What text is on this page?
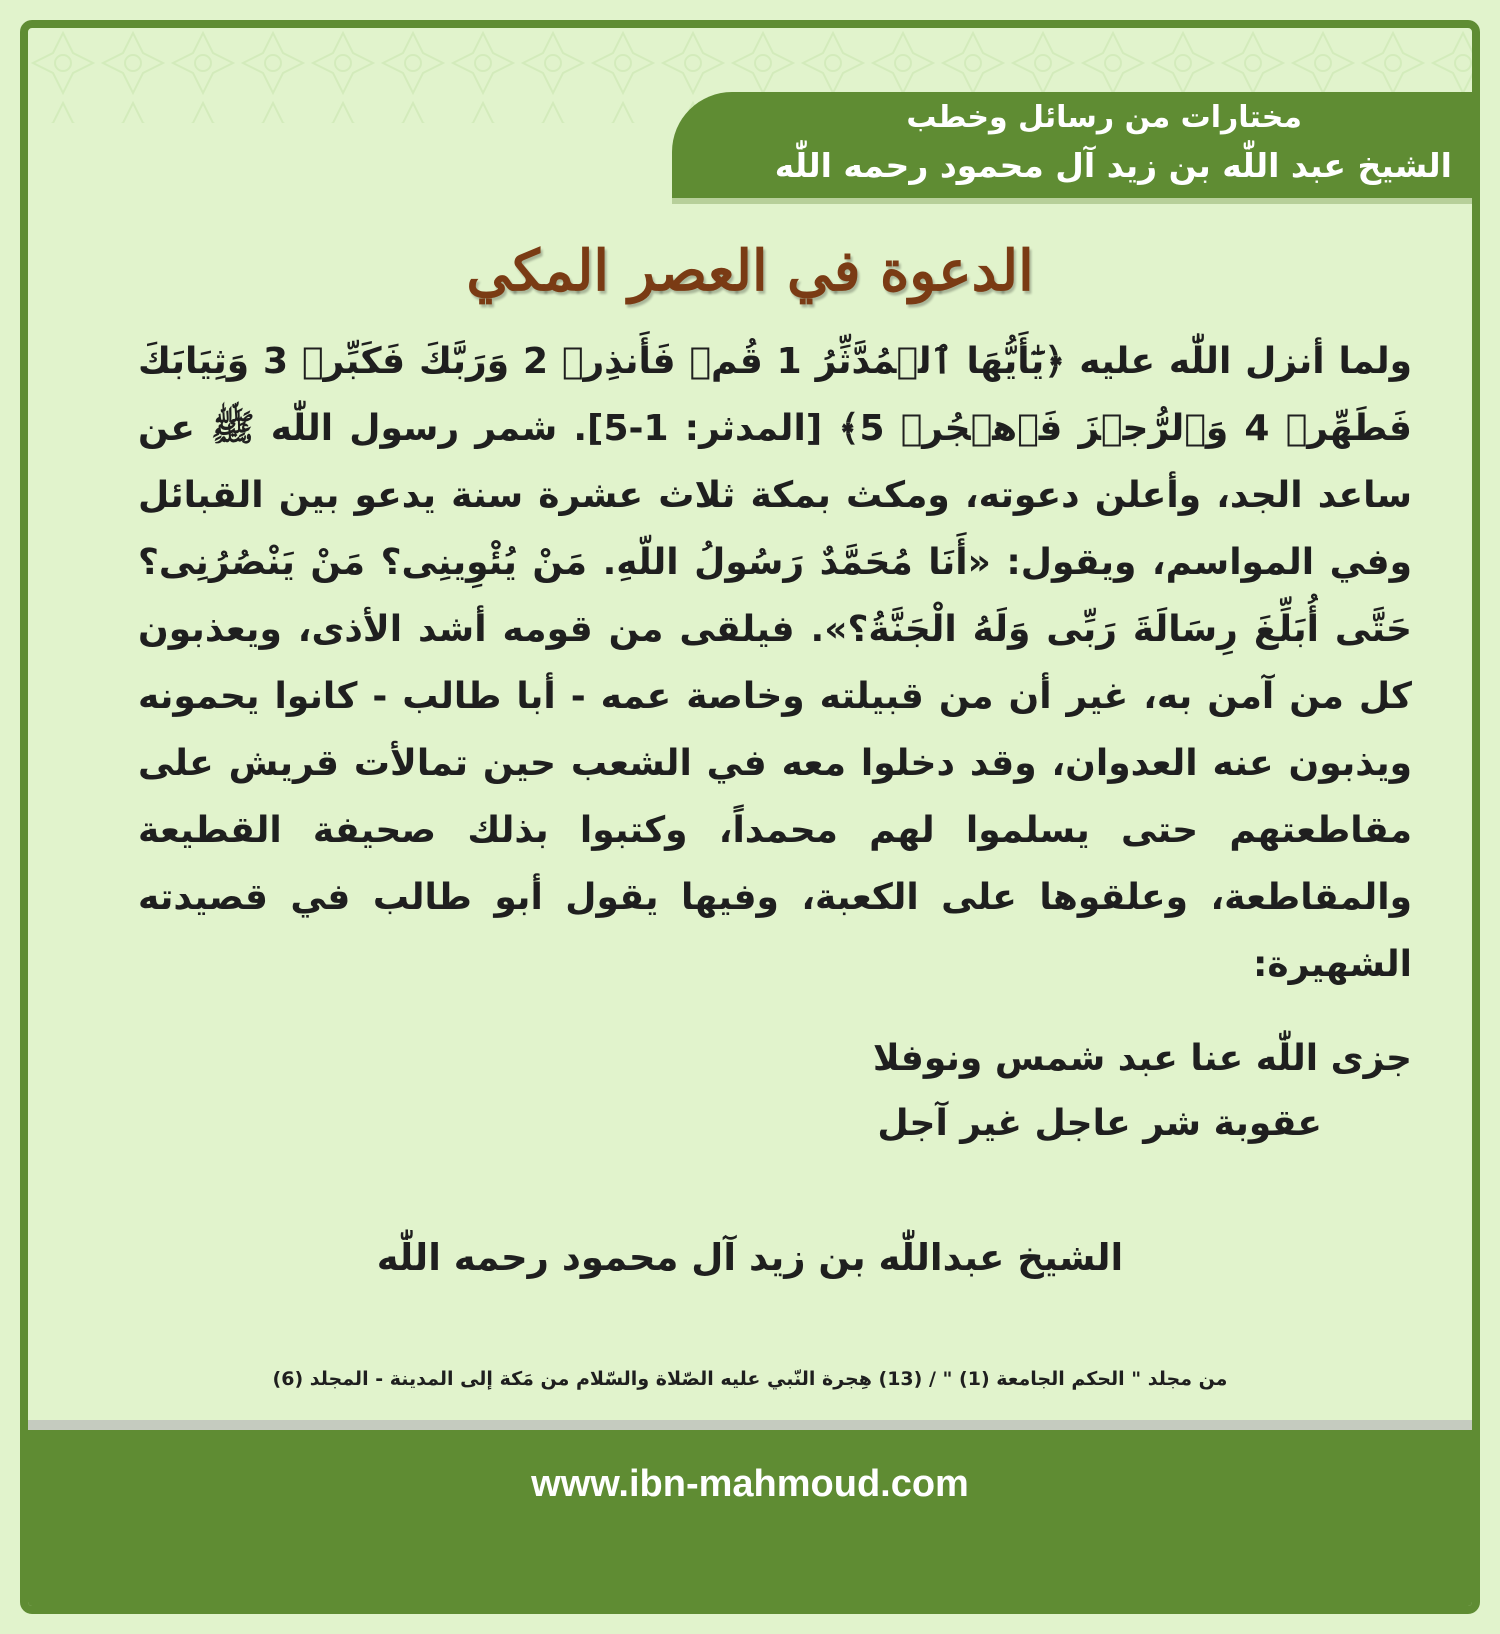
مختارات من رسائل وخطب
الشيخ عبد اللّٰه بن زيد آل محمود رحمه اللّٰه
الدعوة في العصر المكي
ولما أنزل اللّٰه عليه ﴿يَٰٓأَيُّهَا ٱلۡمُدَّثِّرُ 1 قُمۡ فَأَنذِرۡ 2 وَرَبَّكَ فَكَبِّرۡ 3 وَثِيَابَكَ فَطَهِّرۡ 4 وَٱلرُّجۡزَ فَٱهۡجُرۡ 5﴾ [المدثر: 1-5]. شمر رسول اللّٰه ﷺ عن ساعد الجد، وأعلن دعوته، ومكث بمكة ثلاث عشرة سنة يدعو بين القبائل وفي المواسم، ويقول: «أَنَا مُحَمَّدٌ رَسُولُ اللّهِ. مَنْ يُئْوِينِى؟ مَنْ يَنْصُرُنِى؟ حَتَّى أُبَلِّغَ رِسَالَةَ رَبِّى وَلَهُ الْجَنَّةُ؟». فيلقى من قومه أشد الأذى، ويعذبون كل من آمن به، غير أن من قبيلته وخاصة عمه - أبا طالب - كانوا يحمونه ويذبون عنه العدوان، وقد دخلوا معه في الشعب حين تمالأت قريش على مقاطعتهم حتى يسلموا لهم محمداً، وكتبوا بذلك صحيفة القطيعة والمقاطعة، وعلقوها على الكعبة، وفيها يقول أبو طالب في قصيدته الشهيرة:
جزى اللّٰه عنا عبد شمس ونوفلا
عقوبة شر عاجل غير آجل
الشيخ عبداللّٰه بن زيد آل محمود رحمه اللّٰه
من مجلد " الحكم الجامعة (1) " / (13) هِجرة النّبي عليه الصّلاة والسّلام من مَكة إلى المدينة - المجلد (6)
www.ibn-mahmoud.com
